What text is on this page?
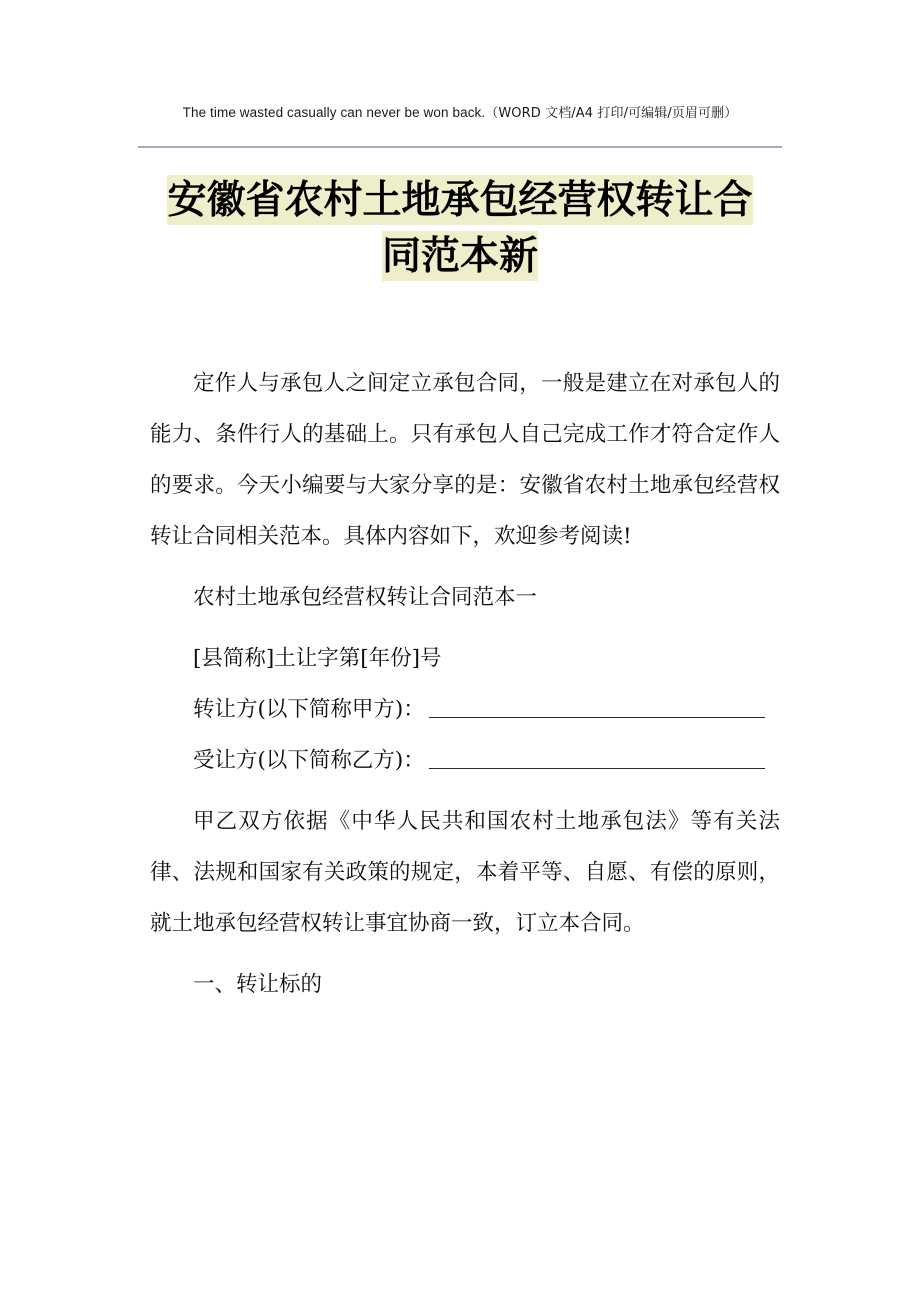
The time wasted casually can never be won back.（WORD 文档/A4 打印/可编辑/页眉可删）
安徽省农村土地承包经营权转让合
同范本新

定作人与承包人之间定立承包合同，一般是建立在对承包人的能力、条件行人的基础上。只有承包人自己完成工作才符合定作人的要求。今天小编要与大家分享的是：安徽省农村土地承包经营权转让合同相关范本。具体内容如下，欢迎参考阅读!

农村土地承包经营权转让合同范本一

[县简称]土让字第[年份]号

转让方(以下简称甲方)：
受让方(以下简称乙方)：

甲乙双方依据《中华人民共和国农村土地承包法》等有关法律、法规和国家有关政策的规定，本着平等、自愿、有偿的原则，就土地承包经营权转让事宜协商一致，订立本合同。

一、转让标的
